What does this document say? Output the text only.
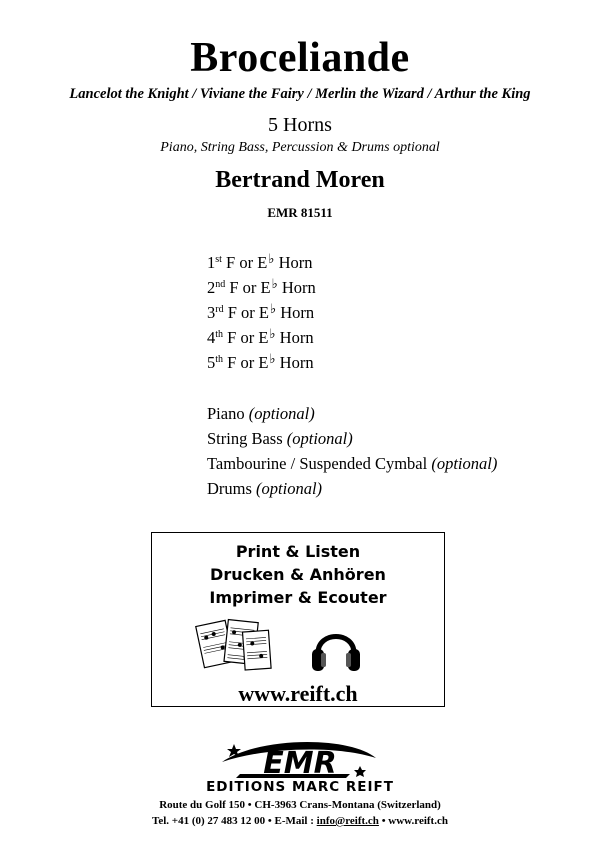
Broceliande
Lancelot the Knight / Viviane the Fairy / Merlin the Wizard / Arthur the King
5 Horns
Piano, String Bass, Percussion & Drums optional
Bertrand Moren
EMR 81511
1st F or E♭ Horn
2nd F or E♭ Horn
3rd F or E♭ Horn
4th F or E♭ Horn
5th F or E♭ Horn
Piano (optional)
String Bass (optional)
Tambourine / Suspended Cymbal (optional)
Drums (optional)
Print & Listen
Drucken & Anhören
Imprimer & Ecouter
www.reift.ch
EMR
EDITIONS MARC REIFT
Route du Golf 150 • CH-3963 Crans-Montana (Switzerland)
Tel. +41 (0) 27 483 12 00 • E-Mail : info@reift.ch • www.reift.ch
